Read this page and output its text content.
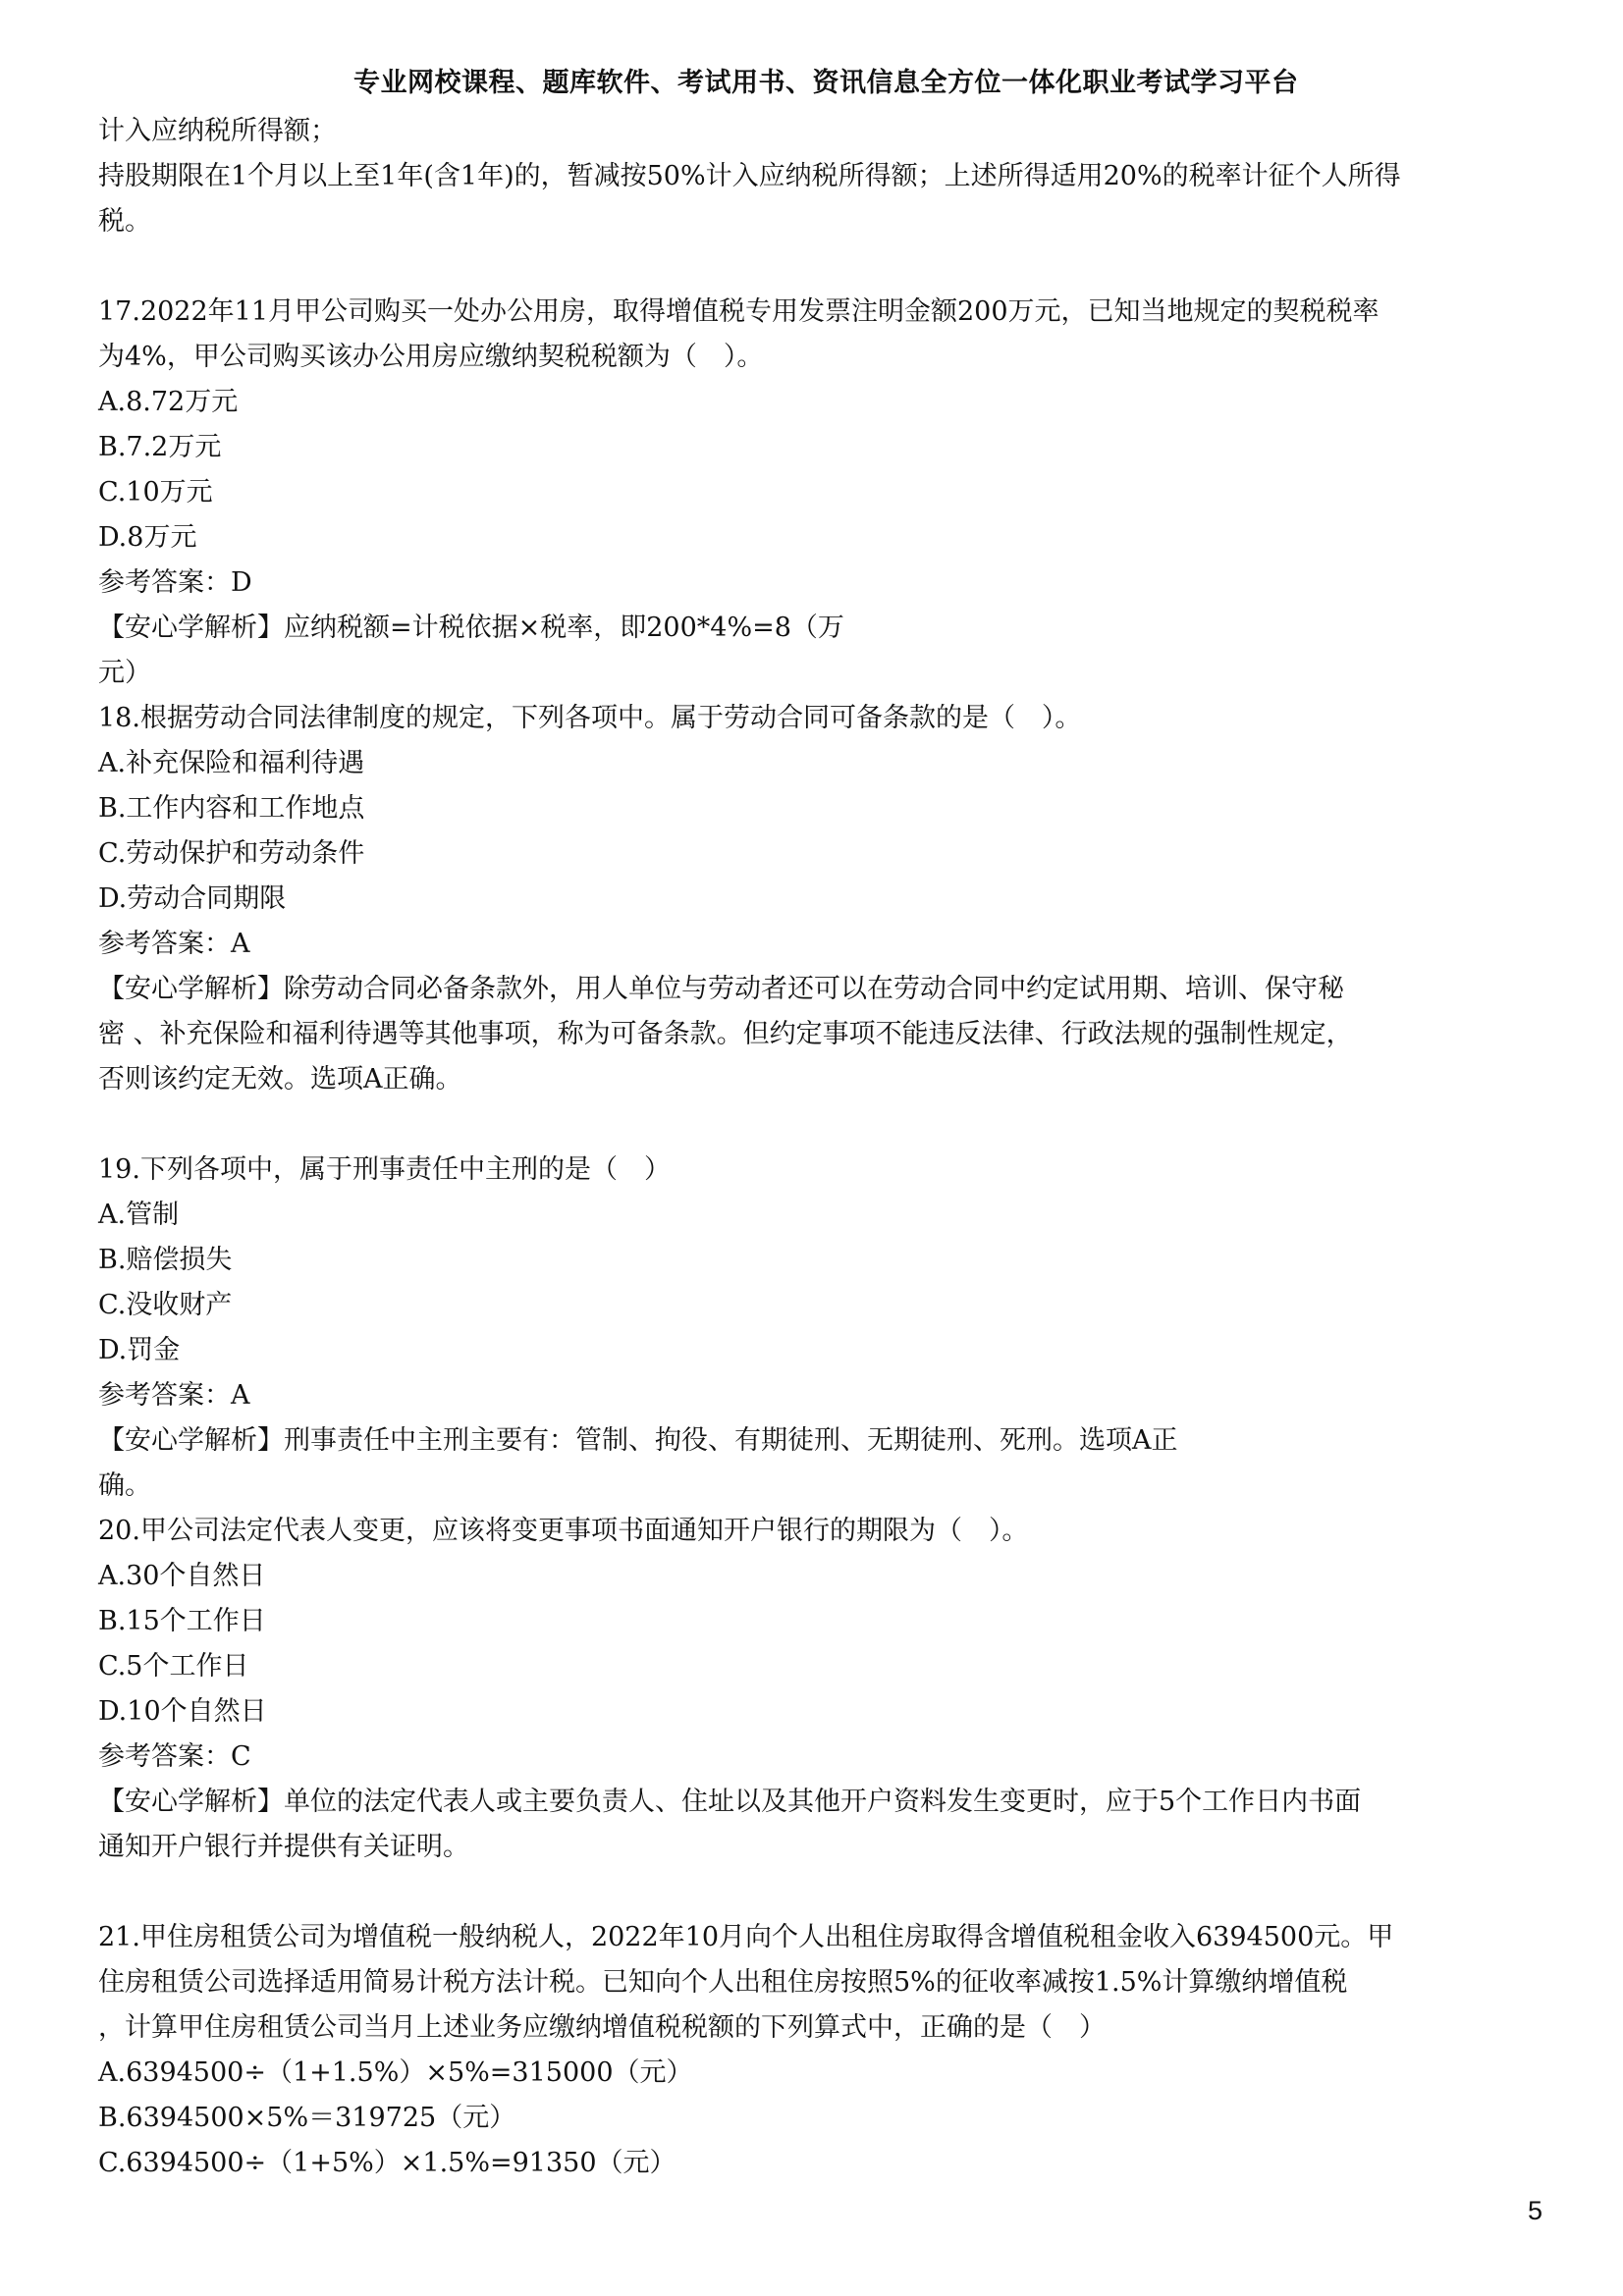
专业网校课程、题库软件、考试用书、资讯信息全方位一体化职业考试学习平台
计入应纳税所得额；
持股期限在1个月以上至1年(含1年)的，暂减按50%计入应纳税所得额；上述所得适用20%的税率计征个人所得
税。
17.2022年11月甲公司购买一处办公用房，取得增值税专用发票注明金额200万元，已知当地规定的契税税率
为4%，甲公司购买该办公用房应缴纳契税税额为（　）。
A.8.72万元
B.7.2万元
C.10万元
D.8万元
参考答案：D
【安心学解析】应纳税额=计税依据×税率，即200*4%=8（万
元）
18.根据劳动合同法律制度的规定，下列各项中。属于劳动合同可备条款的是（　）。
A.补充保险和福利待遇
B.工作内容和工作地点
C.劳动保护和劳动条件
D.劳动合同期限
参考答案：A
【安心学解析】除劳动合同必备条款外，用人单位与劳动者还可以在劳动合同中约定试用期、培训、保守秘
密 、补充保险和福利待遇等其他事项，称为可备条款。但约定事项不能违反法律、行政法规的强制性规定，
否则该约定无效。选项A正确。
19.下列各项中，属于刑事责任中主刑的是（　）
A.管制
B.赔偿损失
C.没收财产
D.罚金
参考答案：A
【安心学解析】刑事责任中主刑主要有：管制、拘役、有期徒刑、无期徒刑、死刑。选项A正
确。
20.甲公司法定代表人变更，应该将变更事项书面通知开户银行的期限为（　）。
A.30个自然日
B.15个工作日
C.5个工作日
D.10个自然日
参考答案：C
【安心学解析】单位的法定代表人或主要负责人、住址以及其他开户资料发生变更时，应于5个工作日内书面
通知开户银行并提供有关证明。
21.甲住房租赁公司为增值税一般纳税人，2022年10月向个人出租住房取得含增值税租金收入6394500元。甲
住房租赁公司选择适用简易计税方法计税。已知向个人出租住房按照5%的征收率减按1.5%计算缴纳增值税
，计算甲住房租赁公司当月上述业务应缴纳增值税税额的下列算式中，正确的是（　）
A.6394500÷（1+1.5%）×5%=315000（元）
B.6394500×5%＝319725（元）
C.6394500÷（1+5%）×1.5%=91350（元）
5
